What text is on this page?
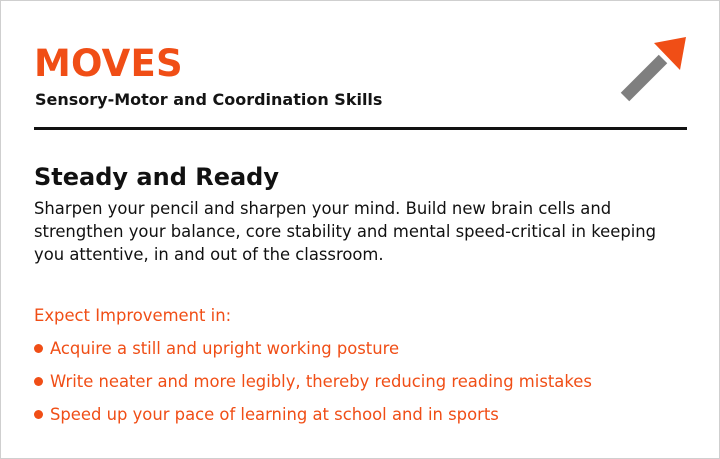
MOVES
Sensory-Motor and Coordination Skills
Steady and Ready

Sharpen your pencil and sharpen your mind. Build new brain cells and strengthen your balance, core stability and mental speed-critical in keeping you attentive, in and out of the classroom.

Expect Improvement in:
Acquire a still and upright working posture
Write neater and more legibly, thereby reducing reading mistakes
Speed up your pace of learning at school and in sports
